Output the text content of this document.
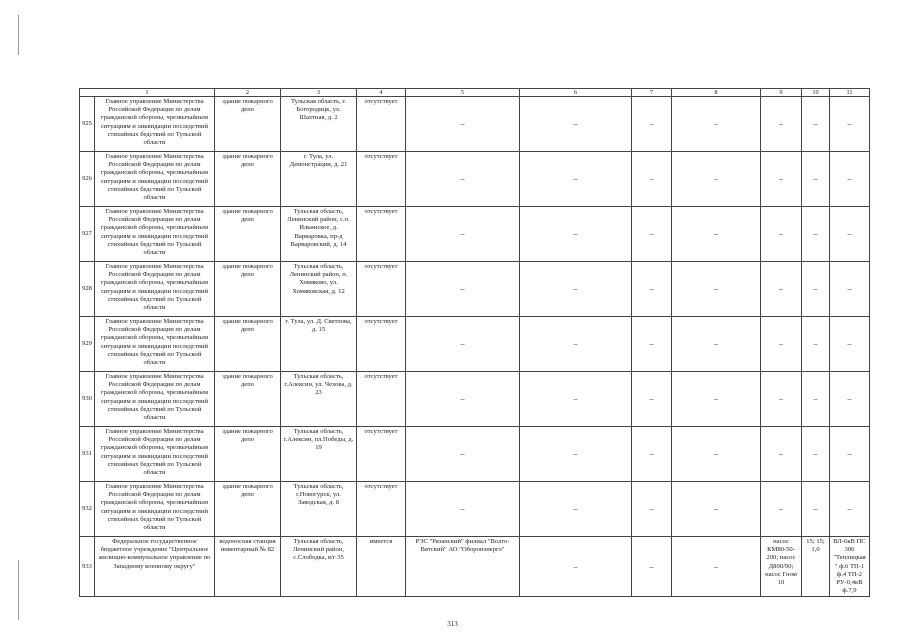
1		2	3	4	5	6	7	8	9	10	11
925	Главное управление Министерства Российской Федерации по делам гражданской обороны, чрезвычайным ситуациям и ликвидации последствий стихийных бедствий по Тульской области	здание пожарного депо	Тульская область, г. Богородицк, ул. Шахтная, д. 2	отсутствует	–	–	–	–	–	–	–
926	Главное управление Министерства Российской Федерации по делам гражданской обороны, чрезвычайным ситуациям и ликвидации последствий стихийных бедствий по Тульской области	здание пожарного депо	г. Тула, ул. Демонстрации, д. 21	отсутствует	–	–	–	–	–	–	–
927	Главное управление Министерства Российской Федерации по делам гражданской обороны, чрезвычайным ситуациям и ликвидации последствий стихийных бедствий по Тульской области	здание пожарного депо	Тульская область, Ленинский район, с.п. Ильинское, д. Варваровка, пр-д Варваровский, д. 14	отсутствует	–	–	–	–	–	–	–
928	Главное управление Министерства Российской Федерации по делам гражданской обороны, чрезвычайным ситуациям и ликвидации последствий стихийных бедствий по Тульской области	здание пожарного депо	Тульская область, Ленинский район, п. Хомяково, ул. Хомяковская, д. 12	отсутствует	–	–	–	–	–	–	–
929	Главное управление Министерства Российской Федерации по делам гражданской обороны, чрезвычайным ситуациям и ликвидации последствий стихийных бедствий по Тульской области	здание пожарного депо	г. Тула, ул. Д. Светлова, д. 15	отсутствует	–	–	–	–	–	–	–
930	Главное управление Министерства Российской Федерации по делам гражданской обороны, чрезвычайным ситуациям и ликвидации последствий стихийных бедствий по Тульской области	здание пожарного депо	Тульская область, г.Алексин, ул. Чехова, д. 23	отсутствует	–	–	–	–	–	–	–
931	Главное управление Министерства Российской Федерации по делам гражданской обороны, чрезвычайным ситуациям и ликвидации последствий стихийных бедствий по Тульской области	здание пожарного депо	Тульская область, г.Алексин, пл.Победы, д. 19	отсутствует	–	–	–	–	–	–	–
932	Главное управление Министерства Российской Федерации по делам гражданской обороны, чрезвычайным ситуациям и ликвидации последствий стихийных бедствий по Тульской области	здание пожарного депо	Тульская область, г.Новогурск, ул. Заводская, д. 8	отсутствует	–	–	–	–	–	–	–
933	Федеральное государственное бюджетное учреждение "Центральное жилищно-коммунальное управление по Западному военному округу"	водоносная станция инвентарный № 82	Тульская область, Ленинский район, с.Слободка, в/г 35	имеется	РЭС "Рязанский" филиал "Волго-Вятский" АО "Оборонэнерго"	–	–	–	насос КМ80-50-200; насос Д800/90; насос Гном 10	15; 15; 1,0	ВЛ-6кВ ПС 306 "Теплицкая" ф.6 ТП-1 ф.4 ТП-2 РУ-0,4кВ ф.7,9
313
